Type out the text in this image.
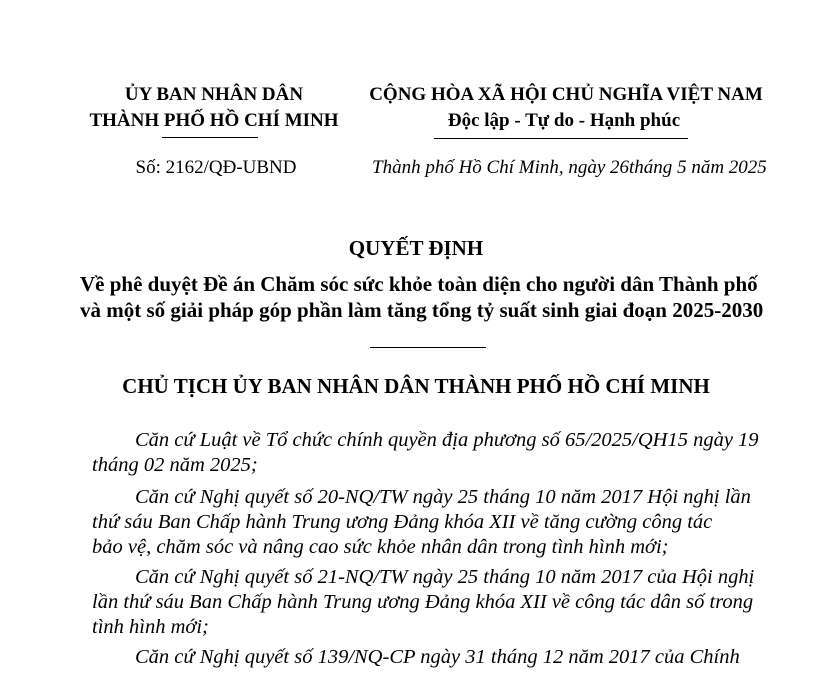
ỦY BAN NHÂN DÂN
THÀNH PHỐ HỒ CHÍ MINH
Số: 2162/QĐ-UBND
CỘNG HÒA XÃ HỘI CHỦ NGHĨA VIỆT NAM
Độc lập - Tự do - Hạnh phúc
Thành phố Hồ Chí Minh, ngày 26tháng 5 năm 2025
QUYẾT ĐỊNH
Về phê duyệt Đề án Chăm sóc sức khỏe toàn diện cho người dân Thành phố
và một số giải pháp góp phần làm tăng tổng tỷ suất sinh giai đoạn 2025-2030
CHỦ TỊCH ỦY BAN NHÂN DÂN THÀNH PHỐ HỒ CHÍ MINH
Căn cứ Luật về Tổ chức chính quyền địa phương số 65/2025/QH15 ngày 19
tháng 02 năm 2025;
Căn cứ Nghị quyết số 20-NQ/TW ngày 25 tháng 10 năm 2017 Hội nghị lần
thứ sáu Ban Chấp hành Trung ương Đảng khóa XII về tăng cường công tác
bảo vệ, chăm sóc và nâng cao sức khỏe nhân dân trong tình hình mới;
Căn cứ Nghị quyết số 21-NQ/TW ngày 25 tháng 10 năm 2017 của Hội nghị
lần thứ sáu Ban Chấp hành Trung ương Đảng khóa XII về công tác dân số trong
tình hình mới;
Căn cứ Nghị quyết số 139/NQ-CP ngày 31 tháng 12 năm 2017 của Chính
